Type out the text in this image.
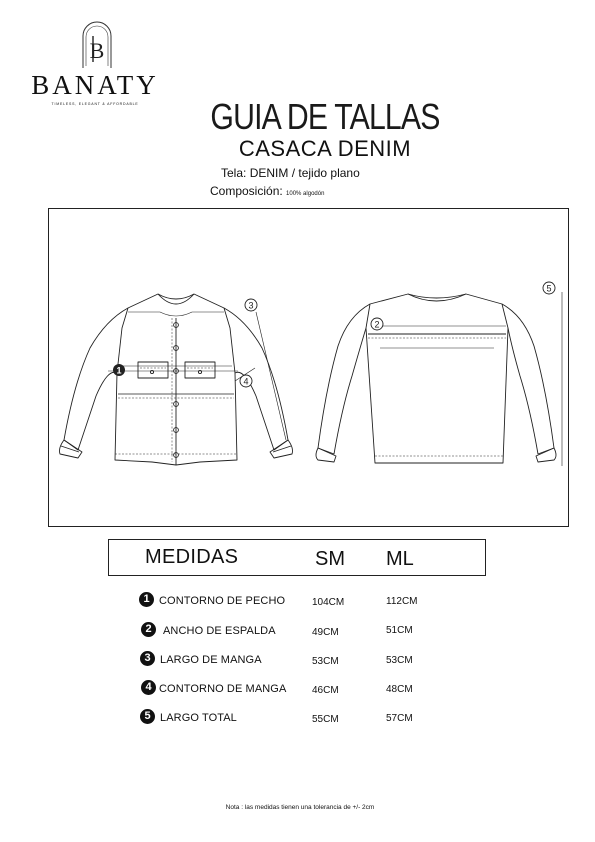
B
BANATY
TIMELESS, ELEGANT & AFFORDABLE	GUIA DE TALLAS
CASACA DENIM
Tela: DENIM / tejido plano
Composición: 100% algodón
1
2
3
4
5
MEDIDAS	SM ML
1 CONTORNO DE PECHO	104CM	112CM
2	ANCHO DE ESPALDA	49CM	51CM
3 LARGO DE MANGA	53CM	53CM
4 CONTORNO DE MANGA	46CM	48CM
5 LARGO TOTAL	55CM	57CM
Nota : las medidas tienen una tolerancia de +/- 2cm
